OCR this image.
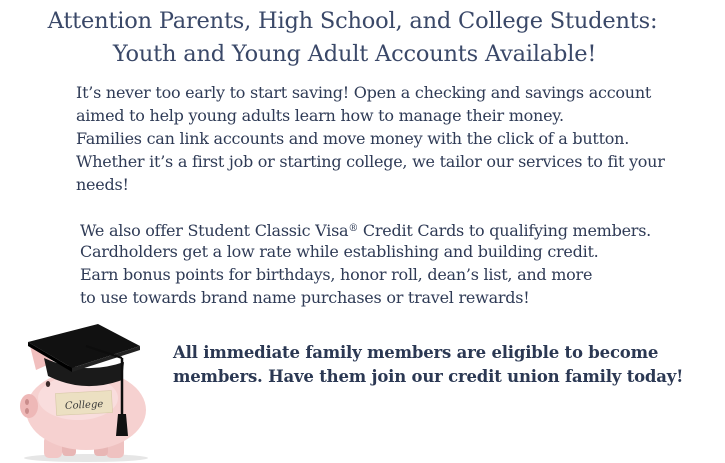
Attention Parents, High School, and College Students:
Youth and Young Adult Accounts Available!
It’s never too early to start saving! Open a checking and savings account
aimed to help young adults learn how to manage their money.
Families can link accounts and move money with the click of a button.
Whether it’s a first job or starting college, we tailor our services to fit your
needs!
We also offer Student Classic Visa® Credit Cards to qualifying members.
Cardholders get a low rate while establishing and building credit.
Earn bonus points for birthdays, honor roll, dean’s list, and more
to use towards brand name purchases or travel rewards!
College
All immediate family members are eligible to become
members. Have them join our credit union family today!
